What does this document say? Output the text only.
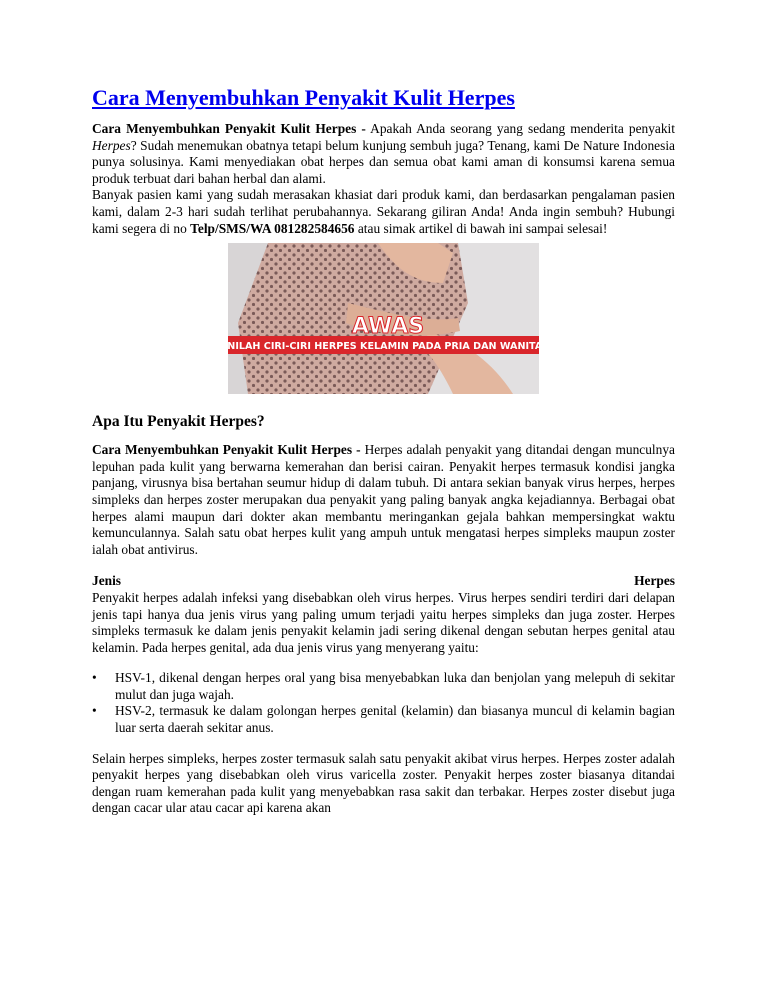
Cara Menyembuhkan Penyakit Kulit Herpes

Cara Menyembuhkan Penyakit Kulit Herpes - Apakah Anda seorang yang sedang menderita penyakit Herpes? Sudah menemukan obatnya tetapi belum kunjung sembuh juga? Tenang, kami De Nature Indonesia punya solusinya. Kami menyediakan obat herpes dan semua obat kami aman di konsumsi karena semua produk terbuat dari bahan herbal dan alami.
Banyak pasien kami yang sudah merasakan khasiat dari produk kami, dan berdasarkan pengalaman pasien kami, dalam 2-3 hari sudah terlihat perubahannya. Sekarang giliran Anda! Anda ingin sembuh? Hubungi kami segera di no Telp/SMS/WA 081282584656 atau simak artikel di bawah ini sampai selesai!

AWAS
INILAH CIRI-CIRI HERPES KELAMIN PADA PRIA DAN WANITA
Apa Itu Penyakit Herpes?

Cara Menyembuhkan Penyakit Kulit Herpes - Herpes adalah penyakit yang ditandai dengan munculnya lepuhan pada kulit yang berwarna kemerahan dan berisi cairan. Penyakit herpes termasuk kondisi jangka panjang, virusnya bisa bertahan seumur hidup di dalam tubuh. Di antara sekian banyak virus herpes, herpes simpleks dan herpes zoster merupakan dua penyakit yang paling banyak angka kejadiannya. Berbagai obat herpes alami maupun dari dokter akan membantu meringankan gejala bahkan mempersingkat waktu kemunculannya. Salah satu obat herpes kulit yang ampuh untuk mengatasi herpes simpleks maupun zoster ialah obat antivirus.

Jenis	Herpes

Penyakit herpes adalah infeksi yang disebabkan oleh virus herpes. Virus herpes sendiri terdiri dari delapan jenis tapi hanya dua jenis virus yang paling umum terjadi yaitu herpes simpleks dan juga zoster. Herpes simpleks termasuk ke dalam jenis penyakit kelamin jadi sering dikenal dengan sebutan herpes genital atau kelamin. Pada herpes genital, ada dua jenis virus yang menyerang yaitu:

• HSV-1, dikenal dengan herpes oral yang bisa menyebabkan luka dan benjolan yang melepuh di sekitar mulut dan juga wajah.
• HSV-2, termasuk ke dalam golongan herpes genital (kelamin) dan biasanya muncul di kelamin bagian luar serta daerah sekitar anus.

Selain herpes simpleks, herpes zoster termasuk salah satu penyakit akibat virus herpes. Herpes zoster adalah penyakit herpes yang disebabkan oleh virus varicella zoster. Penyakit herpes zoster biasanya ditandai dengan ruam kemerahan pada kulit yang menyebabkan rasa sakit dan terbakar. Herpes zoster disebut juga dengan cacar ular atau cacar api karena akan
